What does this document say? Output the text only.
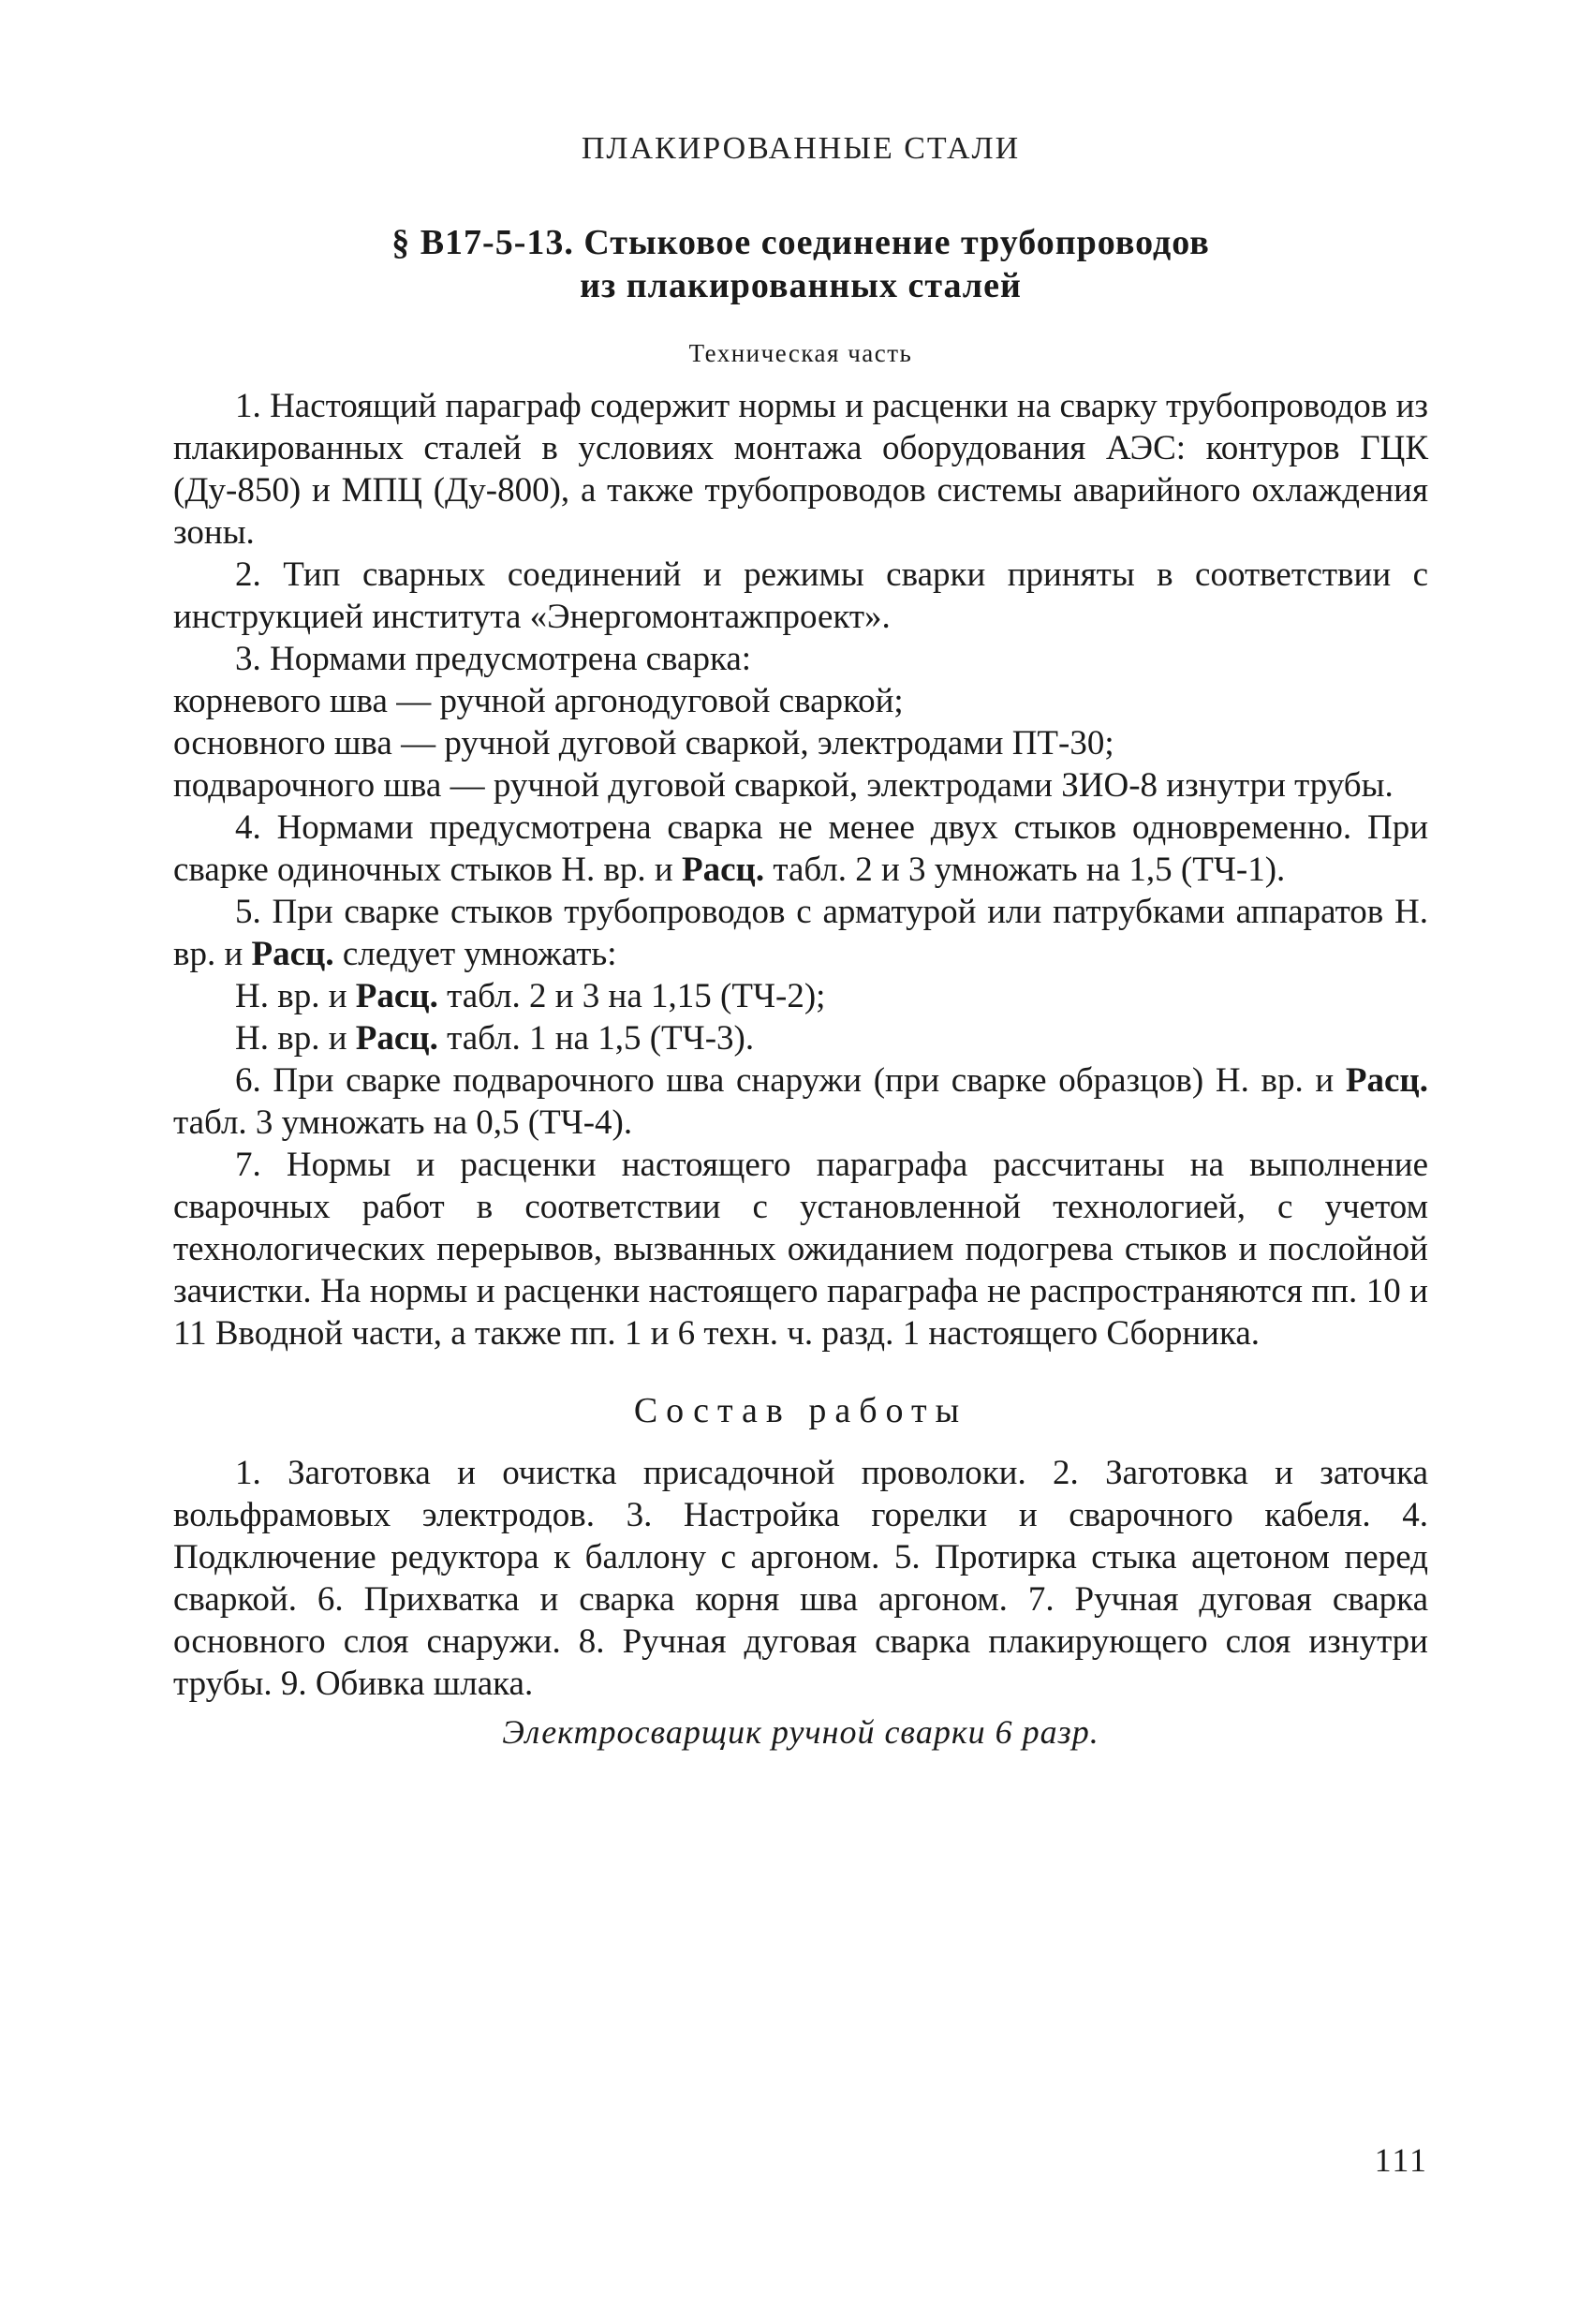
ПЛАКИРОВАННЫЕ СТАЛИ
§ В17-5-13. Стыковое соединение трубопроводов
из плакированных сталей
Техническая часть

1. Настоящий параграф содержит нормы и расценки на сварку трубопроводов из плакированных сталей в условиях монтажа оборудования АЭС: контуров ГЦК (Ду-850) и МПЦ (Ду-800), а также трубопроводов системы аварийного охлаждения зоны.

2. Тип сварных соединений и режимы сварки приняты в соответствии с инструкцией института «Энергомонтажпроект».

3. Нормами предусмотрена сварка:

корневого шва — ручной аргонодуговой сваркой;

основного шва — ручной дуговой сваркой, электродами ПТ-30;

подварочного шва — ручной дуговой сваркой, электродами ЗИО-8 изнутри трубы.

4. Нормами предусмотрена сварка не менее двух стыков одновременно. При сварке одиночных стыков Н. вр. и Расц. табл. 2 и 3 умножать на 1,5 (ТЧ-1).

5. При сварке стыков трубопроводов с арматурой или патрубками аппаратов Н. вр. и Расц. следует умножать:

Н. вр. и Расц. табл. 2 и 3 на 1,15 (ТЧ-2);

Н. вр. и Расц. табл. 1 на 1,5 (ТЧ-3).

6. При сварке подварочного шва снаружи (при сварке образцов) Н. вр. и Расц. табл. 3 умножать на 0,5 (ТЧ-4).

7. Нормы и расценки настоящего параграфа рассчитаны на выполнение сварочных работ в соответствии с установленной технологией, с учетом технологических перерывов, вызванных ожиданием подогрева стыков и послойной зачистки. На нормы и расценки настоящего параграфа не распространяются пп. 10 и 11 Вводной части, а также пп. 1 и 6 техн. ч. разд. 1 настоящего Сборника.

Состав работы

1. Заготовка и очистка присадочной проволоки. 2. Заготовка и заточка вольфрамовых электродов. 3. Настройка горелки и сварочного кабеля. 4. Подключение редуктора к баллону с аргоном. 5. Протирка стыка ацетоном перед сваркой. 6. Прихватка и сварка корня шва аргоном. 7. Ручная дуговая сварка основного слоя снаружи. 8. Ручная дуговая сварка плакирующего слоя изнутри трубы. 9. Обивка шлака.

Электросварщик ручной сварки 6 разр.
111
